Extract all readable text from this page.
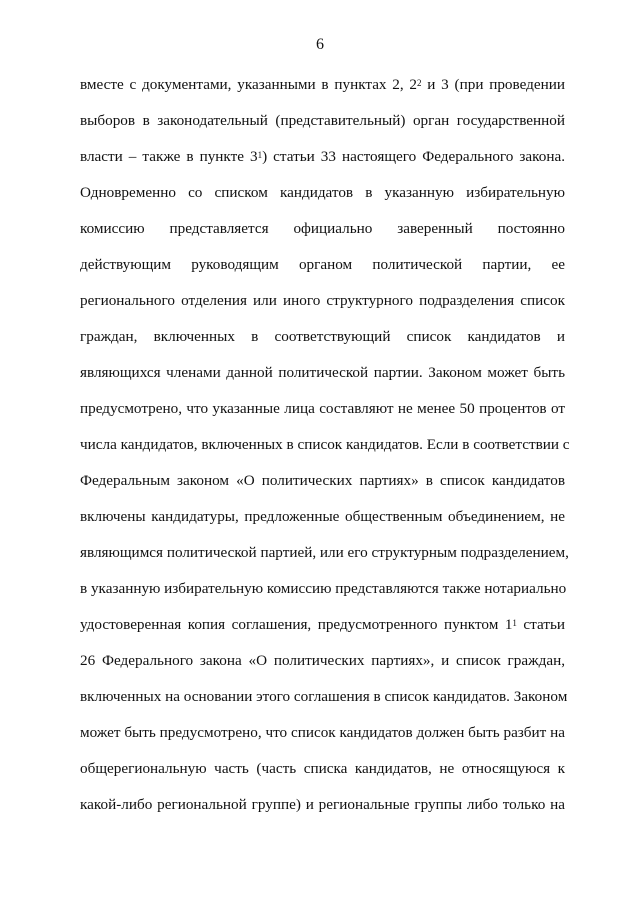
6
вместе с документами, указанными в пунктах 2, $2^2$ и 3 (при проведении
выборов в законодательный (представительный) орган государственной
власти – также в пункте $3^1$) статьи 33 настоящего Федерального закона.
Одновременно со списком кандидатов в указанную избирательную
комиссию представляется официально заверенный постоянно
действующим руководящим органом политической партии, ее
регионального отделения или иного структурного подразделения список
граждан, включенных в соответствующий список кандидатов и
являющихся членами данной политической партии. Законом может быть
предусмотрено, что указанные лица составляют не менее 50 процентов от
числа кандидатов, включенных в список кандидатов. Если в соответствии с
Федеральным законом «О политических партиях» в список кандидатов
включены кандидатуры, предложенные общественным объединением, не
являющимся политической партией, или его структурным подразделением,
в указанную избирательную комиссию представляются также нотариально
удостоверенная копия соглашения, предусмотренного пунктом $1^1$ статьи
26 Федерального закона «О политических партиях», и список граждан,
включенных на основании этого соглашения в список кандидатов. Законом
может быть предусмотрено, что список кандидатов должен быть разбит на
общерегиональную часть (часть списка кандидатов, не относящуюся к
какой-либо региональной группе) и региональные группы либо только на
